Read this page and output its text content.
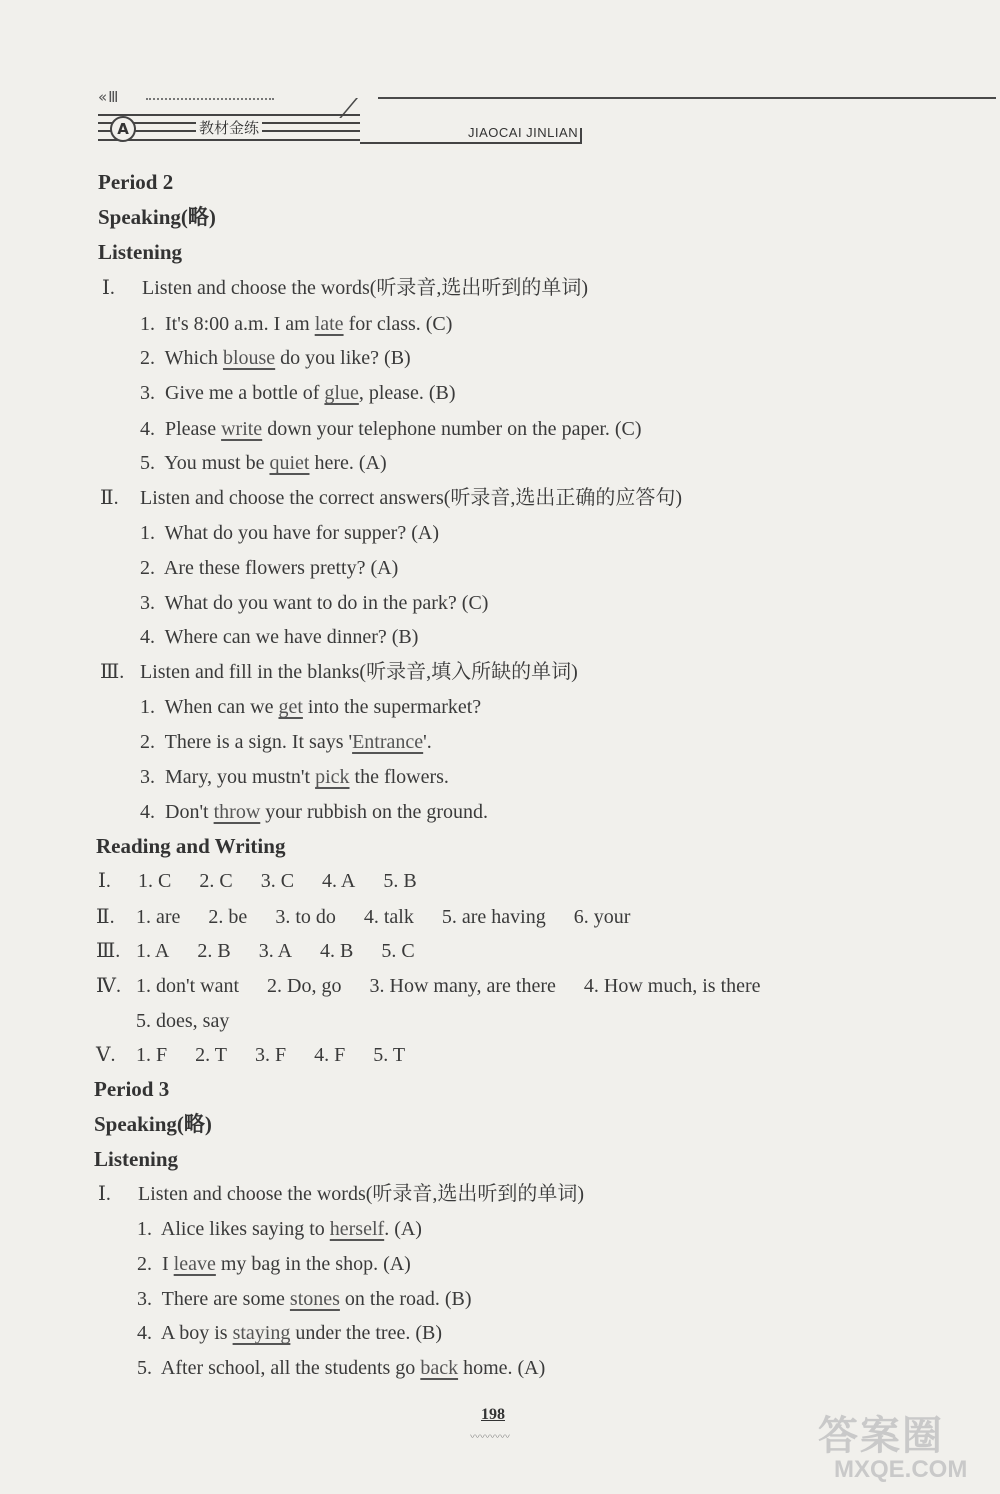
«Ⅲ
A	教材金练	JIAOCAI JINLIAN
Period 2
Speaking(略)
Listening
Ⅰ. Listen and choose the words(听录音,选出听到的单词)
1. It's 8:00 a.m. I am late for class. (C)
2. Which blouse do you like? (B)
3. Give me a bottle of glue, please. (B)
4. Please write down your telephone number on the paper. (C)
5. You must be quiet here. (A)
Ⅱ. Listen and choose the correct answers(听录音,选出正确的应答句)
1. What do you have for supper? (A)
2. Are these flowers pretty? (A)
3. What do you want to do in the park? (C)
4. Where can we have dinner? (B)
Ⅲ. Listen and fill in the blanks(听录音,填入所缺的单词)
1. When can we get into the supermarket?
2. There is a sign. It says 'Entrance'.
3. Mary, you mustn't pick the flowers.
4. Don't throw your rubbish on the ground.
Reading and Writing
Ⅰ. 1. C 2. C 3. C 4. A 5. B
Ⅱ. 1. are 2. be 3. to do 4. talk 5. are having 6. your
Ⅲ. 1. A 2. B 3. A 4. B 5. C
Ⅳ. 1. don't want 2. Do, go 3. How many, are there 4. How much, is there
5. does, say
Ⅴ. 1. F 2. T 3. F 4. F 5. T
Period 3
Speaking(略)
Listening
Ⅰ. Listen and choose the words(听录音,选出听到的单词)
1. Alice likes saying to herself. (A)
2. I leave my bag in the shop. (A)
3. There are some stones on the road. (B)
4. A boy is staying under the tree. (B)
5. After school, all the students go back home. (A)
198
〰〰〰〰	答案圈
MXQE.COM
